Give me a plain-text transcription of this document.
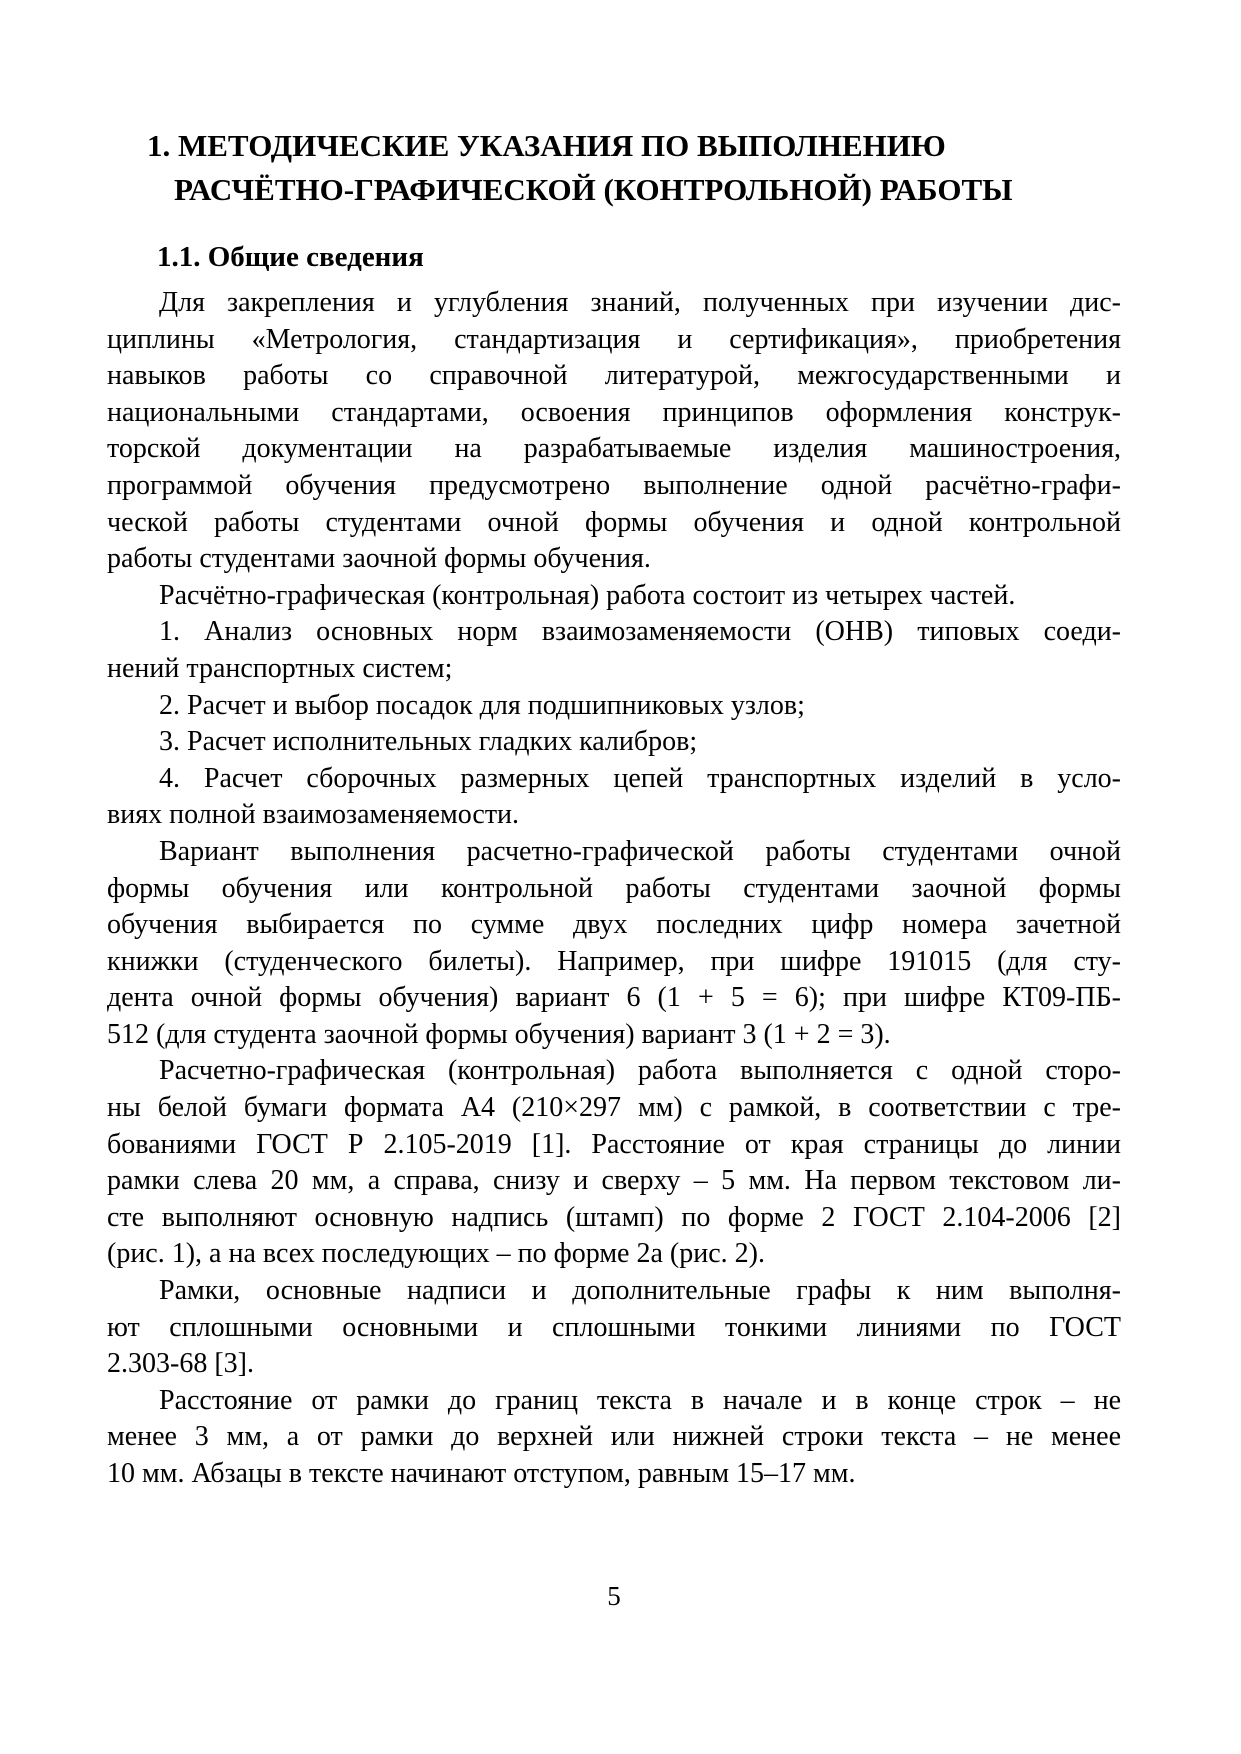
1. МЕТОДИЧЕСКИЕ УКАЗАНИЯ ПО ВЫПОЛНЕНИЮ
РАСЧЁТНО-ГРАФИЧЕСКОЙ (КОНТРОЛЬНОЙ) РАБОТЫ
1.1. Общие сведения
Для закрепления и углубления знаний, полученных при изучении дис-
циплины «Метрология, стандартизация и сертификация», приобретения
навыков работы со справочной литературой, межгосударственными и
национальными стандартами, освоения принципов оформления конструк-
торской документации на разрабатываемые изделия машиностроения,
программой обучения предусмотрено выполнение одной расчётно-графи-
ческой работы студентами очной формы обучения и одной контрольной
работы студентами заочной формы обучения.
Расчётно-графическая (контрольная) работа состоит из четырех частей.
1. Анализ основных норм взаимозаменяемости (ОНВ) типовых соеди-
нений транспортных систем;
2. Расчет и выбор посадок для подшипниковых узлов;
3. Расчет исполнительных гладких калибров;
4. Расчет сборочных размерных цепей транспортных изделий в усло-
виях полной взаимозаменяемости.
Вариант выполнения расчетно-графической работы студентами очной
формы обучения или контрольной работы студентами заочной формы
обучения выбирается по сумме двух последних цифр номера зачетной
книжки (студенческого билеты). Например, при шифре 191015 (для сту-
дента очной формы обучения) вариант 6 (1 + 5 = 6); при шифре КТ09-ПБ-
512 (для студента заочной формы обучения) вариант 3 (1 + 2 = 3).
Расчетно-графическая (контрольная) работа выполняется с одной сторо-
ны белой бумаги формата А4 (210×297 мм) с рамкой, в соответствии с тре-
бованиями ГОСТ Р 2.105-2019 [1]. Расстояние от края страницы до линии
рамки слева 20 мм, а справа, снизу и сверху – 5 мм. На первом текстовом ли-
сте выполняют основную надпись (штамп) по форме 2 ГОСТ 2.104-2006 [2]
(рис. 1), а на всех последующих – по форме 2а (рис. 2).
Рамки, основные надписи и дополнительные графы к ним выполня-
ют сплошными основными и сплошными тонкими линиями по ГОСТ
2.303-68 [3].
Расстояние от рамки до границ текста в начале и в конце строк – не
менее 3 мм, а от рамки до верхней или нижней строки текста – не менее
10 мм. Абзацы в тексте начинают отступом, равным 15–17 мм.
5
